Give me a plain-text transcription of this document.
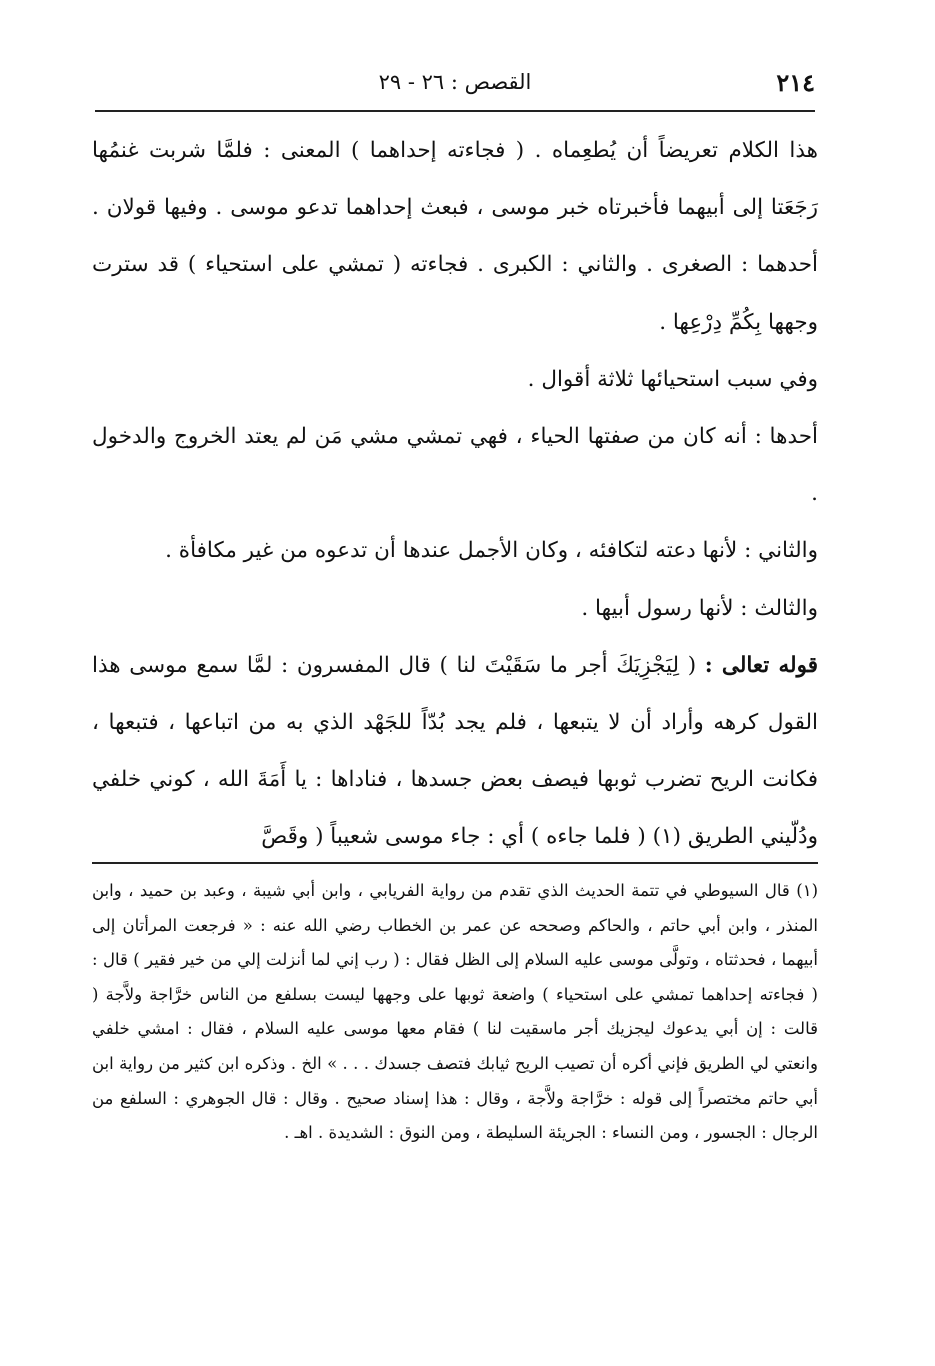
٢١٤
القصص : ٢٦ - ٢٩

هذا الكلام تعريضاً أن يُطعِماه . ( فجاءته إحداهما ) المعنى : فلمَّا شربت غنمُها رَجَعَتا إلى أبيهما فأخبرتاه خبر موسى ، فبعث إحداهما تدعو موسى . وفيها قولان . أحدهما : الصغرى . والثاني : الكبرى . فجاءته ( تمشي على استحياء ) قد سترت وجهها بِكُمِّ دِرْعِها .

وفي سبب استحيائها ثلاثة أقوال .

أحدها : أنه كان من صفتها الحياء ، فهي تمشي مشي مَن لم يعتد الخروج والدخول .

والثاني : لأنها دعته لتكافئه ، وكان الأجمل عندها أن تدعوه من غير مكافأة .

والثالث : لأنها رسول أبيها .

قوله تعالى : ( لِيَجْزِيَكَ أجر ما سَقَيْتَ لنا ) قال المفسرون : لمَّا سمع موسى هذا القول كرهه وأراد أن لا يتبعها ، فلم يجد بُدّاً للجَهْد الذي به من اتباعها ، فتبعها ، فكانت الريح تضرب ثوبها فيصف بعض جسدها ، فناداها : يا أَمَةَ الله ، كوني خلفي ودُلّيني الطريق (١) ( فلما جاءه ) أي : جاء موسى شعيباً ( وقَصَّ

(١) قال السيوطي في تتمة الحديث الذي تقدم من رواية الفريابي ، وابن أبي شيبة ، وعبد بن حميد ، وابن المنذر ، وابن أبي حاتم ، والحاكم وصححه عن عمر بن الخطاب رضي الله عنه : « فرجعت المرأتان إلى أبيهما ، فحدثتاه ، وتولَّى موسى عليه السلام إلى الظل فقال : ( رب إني لما أنزلت إلي من خير فقير ) قال : ( فجاءته إحداهما تمشي على استحياء ) واضعة ثوبها على وجهها ليست بسلفع من الناس خرَّاجة ولاَّجة ( قالت : إن أبي يدعوك ليجزيك أجر ماسقيت لنا ) فقام معها موسى عليه السلام ، فقال : امشي خلفي وانعتي لي الطريق فإني أكره أن تصيب الريح ثيابك فتصف جسدك . . . » الخ . وذكره ابن كثير من رواية ابن أبي حاتم مختصراً إلى قوله : خرَّاجة ولاَّجة ، وقال : هذا إسناد صحيح . وقال : قال الجوهري : السلفع من الرجال : الجسور ، ومن النساء : الجريئة السليطة ، ومن النوق : الشديدة . اهـ .
